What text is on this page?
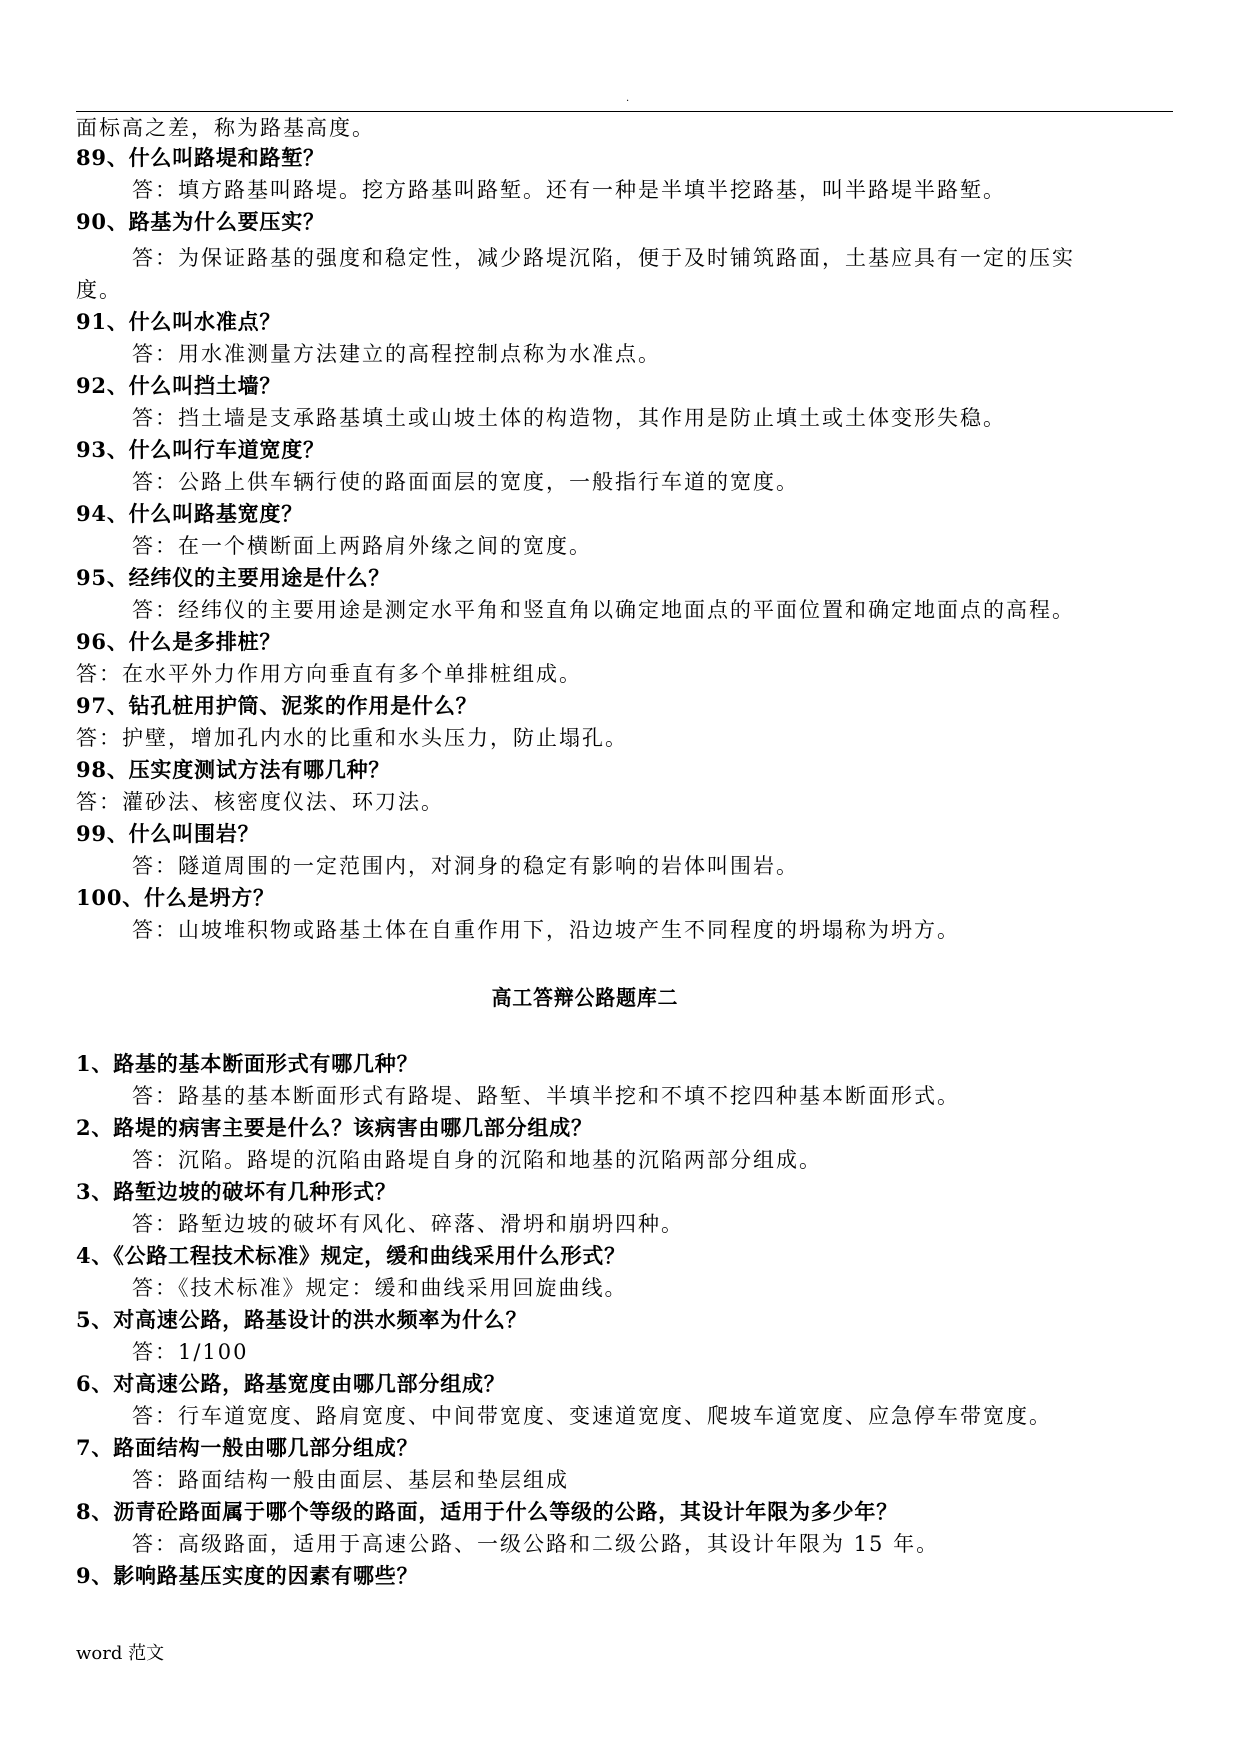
.
面标高之差，称为路基高度。
89、什么叫路堤和路堑？
答：填方路基叫路堤。挖方路基叫路堑。还有一种是半填半挖路基，叫半路堤半路堑。
90、路基为什么要压实？
答：为保证路基的强度和稳定性，减少路堤沉陷，便于及时铺筑路面，土基应具有一定的压实
度。
91、什么叫水准点？
答：用水准测量方法建立的高程控制点称为水准点。
92、什么叫挡土墙？
答：挡土墙是支承路基填土或山坡土体的构造物，其作用是防止填土或土体变形失稳。
93、什么叫行车道宽度？
答：公路上供车辆行使的路面面层的宽度，一般指行车道的宽度。
94、什么叫路基宽度？
答：在一个横断面上两路肩外缘之间的宽度。
95、经纬仪的主要用途是什么？
答：经纬仪的主要用途是测定水平角和竖直角以确定地面点的平面位置和确定地面点的高程。
96、什么是多排桩？
答：在水平外力作用方向垂直有多个单排桩组成。
97、钻孔桩用护筒、泥浆的作用是什么？
答：护壁，增加孔内水的比重和水头压力，防止塌孔。
98、压实度测试方法有哪几种？
答：灌砂法、核密度仪法、环刀法。
99、什么叫围岩？
答：隧道周围的一定范围内，对洞身的稳定有影响的岩体叫围岩。
100、什么是坍方？
答：山坡堆积物或路基土体在自重作用下，沿边坡产生不同程度的坍塌称为坍方。
高工答辩公路题库二
1、路基的基本断面形式有哪几种？
答：路基的基本断面形式有路堤、路堑、半填半挖和不填不挖四种基本断面形式。
2、路堤的病害主要是什么？该病害由哪几部分组成？
答：沉陷。路堤的沉陷由路堤自身的沉陷和地基的沉陷两部分组成。
3、路堑边坡的破坏有几种形式？
答：路堑边坡的破坏有风化、碎落、滑坍和崩坍四种。
4、《公路工程技术标准》规定，缓和曲线采用什么形式？
答：《技术标准》规定：缓和曲线采用回旋曲线。
5、对高速公路，路基设计的洪水频率为什么？
答：1/100
6、对高速公路，路基宽度由哪几部分组成？
答：行车道宽度、路肩宽度、中间带宽度、变速道宽度、爬坡车道宽度、应急停车带宽度。
7、路面结构一般由哪几部分组成？
答：路面结构一般由面层、基层和垫层组成
8、沥青砼路面属于哪个等级的路面，适用于什么等级的公路，其设计年限为多少年？
答：高级路面，适用于高速公路、一级公路和二级公路，其设计年限为 15 年。
9、影响路基压实度的因素有哪些？
word 范文
